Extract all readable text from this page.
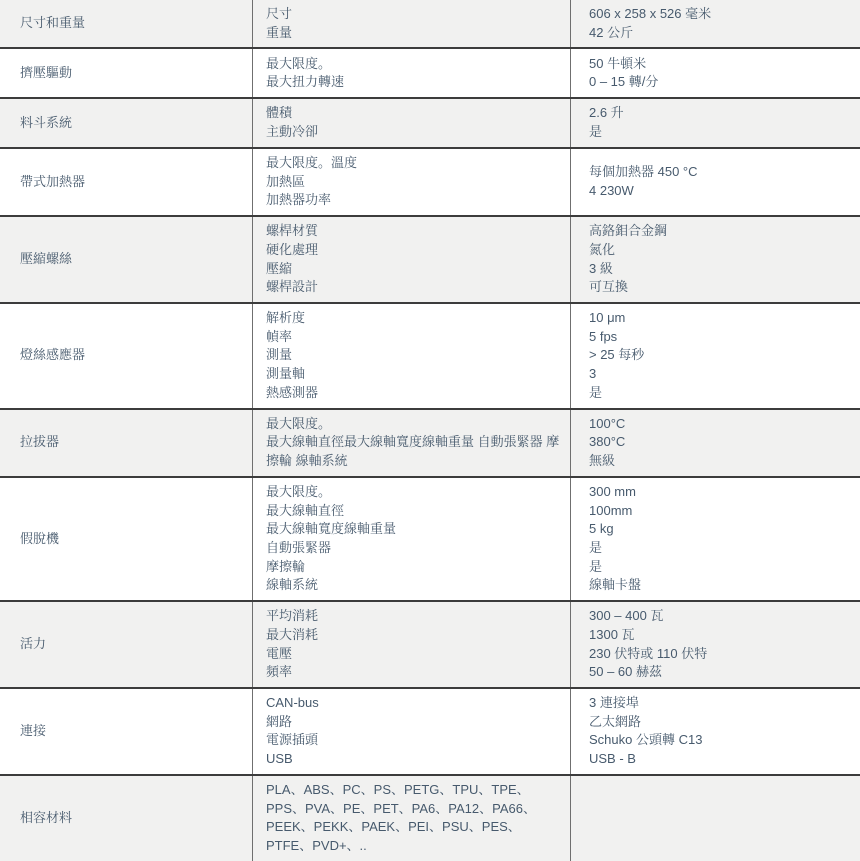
尺寸和重量
尺寸
重量
606 x 258 x 526 毫米
42 公斤
擠壓驅動
最大限度。
最大扭力轉速
50 牛頓米
0 – 15 轉/分
料斗系統
體積
主動冷卻
2.6 升
是
帶式加熱器
最大限度。溫度
加熱區
加熱器功率
每個加熱器 450 °C
4 230W
壓縮螺絲
螺桿材質
硬化處理
壓縮
螺桿設計
高鉻鉬合金鋼
氮化
3 級
可互換
燈絲感應器
解析度
幀率
測量
測量軸
熱感測器
10 μm
5 fps
> 25 每秒
3
是
拉拔器
最大限度。
最大線軸直徑最大線軸寬度線軸重量 自動張緊器 摩擦輪 線軸系統
100°C
380°C
無級
假脫機
最大限度。
最大線軸直徑
最大線軸寬度線軸重量
自動張緊器
摩擦輪
線軸系統
300 mm
100mm
5 kg
是
是
線軸卡盤
活力
平均消耗
最大消耗
電壓
頻率
300 – 400 瓦
1300 瓦
230 伏特或 110 伏特
50 – 60 赫茲
連接
CAN-bus
網路
電源插頭
USB
3 連接埠
乙太網路
Schuko 公頭轉 C13
USB - B
相容材料
PLA、ABS、PC、PS、PETG、TPU、TPE、PPS、PVA、PE、PET、PA6、PA12、PA66、PEEK、PEKK、PAEK、PEI、PSU、PES、PTFE、PVD+、..
